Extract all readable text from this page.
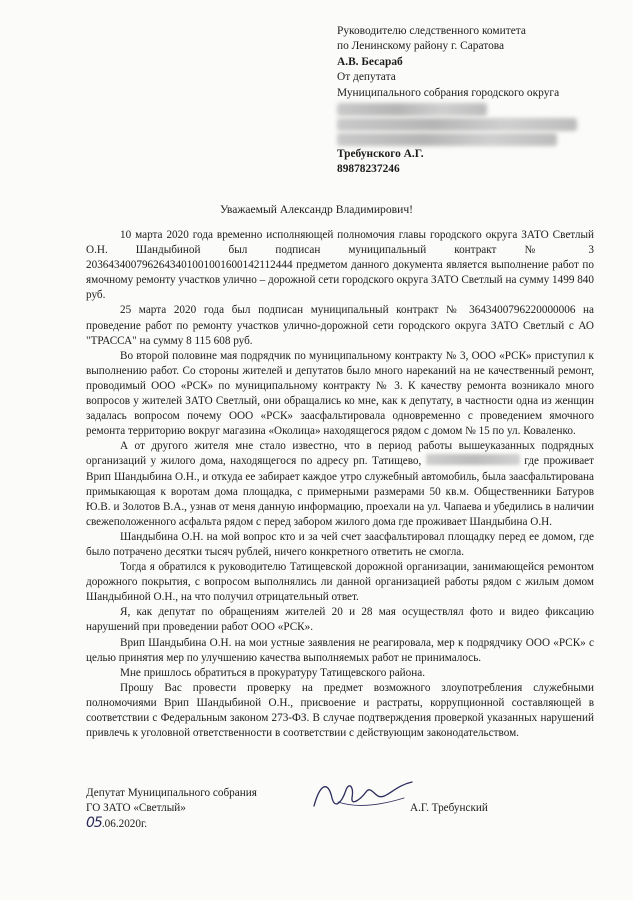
Руководителю следственного комитета
по Ленинскому району г. Саратова
А.В. Бесараб
От депутата
Муниципального собрания городского округа
Требунского А.Г.
89878237246
Уважаемый Александр Владимирович!

10 марта 2020 года временно исполняющей полномочия главы городского округа ЗАТО Светлый О.Н. Шандыбиной был подписан муниципальный контракт № 3 2036434007962643401001001600142112444 предметом данного документа является выполнение работ по ямочному ремонту участков улично – дорожной сети городского округа ЗАТО Светлый на сумму 1499 840 руб.

25 марта 2020 года был подписан муниципальный контракт № 3643400796220000006 на проведение работ по ремонту участков улично-дорожной сети городского округа ЗАТО Светлый с АО "ТРАССА" на сумму 8 115 608 руб.

Во второй половине мая подрядчик по муниципальному контракту № 3, ООО «РСК» приступил к выполнению работ. Со стороны жителей и депутатов было много нареканий на не качественный ремонт, проводимый ООО «РСК» по муниципальному контракту № 3. К качеству ремонта возникало много вопросов у жителей ЗАТО Светлый, они обращались ко мне, как к депутату, в частности одна из женщин задалась вопросом почему ООО «РСК» заасфальтировала одновременно с проведением ямочного ремонта территорию вокруг магазина «Околица» находящегося рядом с домом № 15 по ул. Коваленко.

А от другого жителя мне стало известно, что в период работы вышеуказанных подрядных организаций у жилого дома, находящегося по адресу рп. Татищево,	где проживает Врип Шандыбина О.Н., и откуда ее забирает каждое утро служебный автомобиль, была заасфальтирована примыкающая к воротам дома площадка, с примерными размерами 50 кв.м. Общественники Батуров Ю.В. и Золотов В.А., узнав от меня данную информацию, проехали на ул. Чапаева и убедились в наличии свежеположенного асфальта рядом с перед забором жилого дома где проживает Шандыбина О.Н.

Шандыбина О.Н. на мой вопрос кто и за чей счет заасфальтировал площадку перед ее домом, где было потрачено десятки тысяч рублей, ничего конкретного ответить не смогла.

Тогда я обратился к руководителю Татищевской дорожной организации, занимающейся ремонтом дорожного покрытия, с вопросом выполнялись ли данной организацией работы рядом с жилым домом Шандыбиной О.Н., на что получил отрицательный ответ.

Я, как депутат по обращениям жителей 20 и 28 мая осуществлял фото и видео фиксацию нарушений при проведении работ ООО «РСК».

Врип Шандыбина О.Н. на мои устные заявления не реагировала, мер к подрядчику ООО «РСК» с целью принятия мер по улучшению качества выполняемых работ не принималось.

Мне пришлось обратиться в прокуратуру Татищевского района.

Прошу Вас провести проверку на предмет возможного злоупотребления служебными полномочиями Врип Шандыбиной О.Н., присвоение и растраты, коррупционной составляющей в соответствии с Федеральным законом 273-ФЗ. В случае подтверждения проверкой указанных нарушений привлечь к уголовной ответственности в соответствии с действующим законодательством.

Депутат Муниципального собрания
ГО ЗАТО «Светлый»	А.Г. Требунский
05.06.2020г.
